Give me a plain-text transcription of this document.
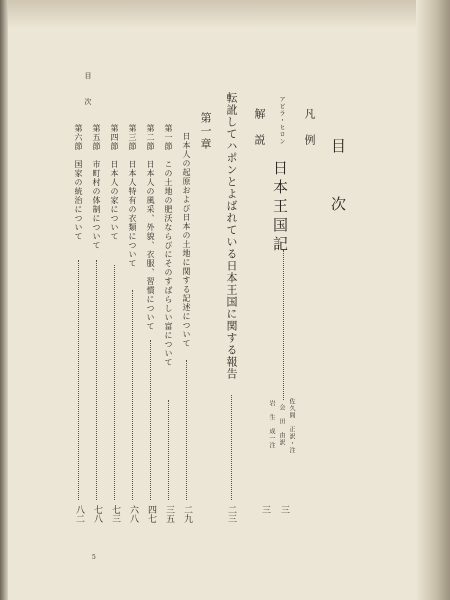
目　次
目　次
凡　例
アビラ・ヒロン
日本王国記
佐久間　正訳・注
会　田　由訳
岩　生　成一注
三
三
解　説
転訛してハポンとよばれている日本王国に関する報告
二三
第一章
日本人の起原および日本の土地に関する記述について
二九
第一節　この土地の肥沃ならびにそのすばらしい富について
三五
第二節　日本人の風采、外貌、衣服、習慣について
四七
第三節　日本人特有の衣類について
六八
第四節　日本人の家について
七三
第五節　市町村の体制について
七八
第六節　国家の統治について
八二
5
